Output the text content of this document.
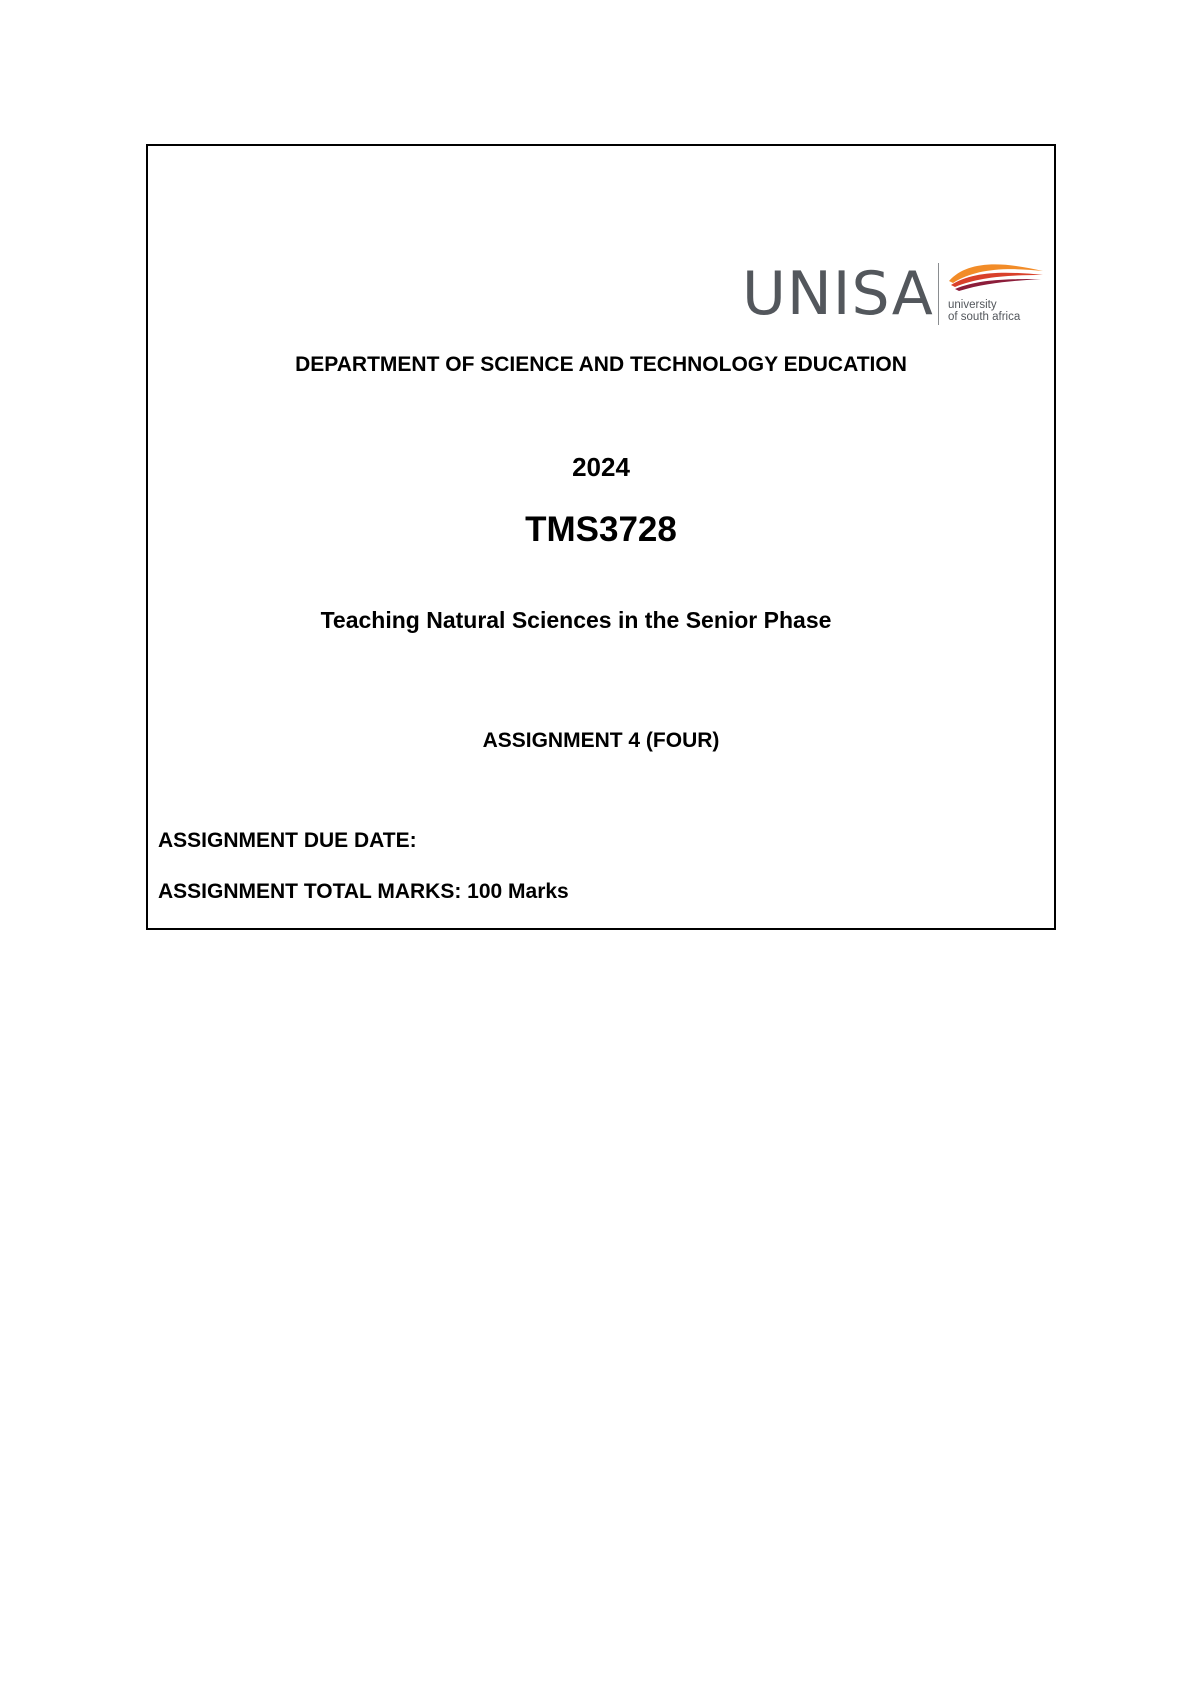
UNISA university
of south africa
DEPARTMENT OF SCIENCE AND TECHNOLOGY EDUCATION
2024
TMS3728
Teaching Natural Sciences in the Senior Phase
ASSIGNMENT 4 (FOUR)
ASSIGNMENT DUE DATE:
ASSIGNMENT TOTAL MARKS: 100 Marks
